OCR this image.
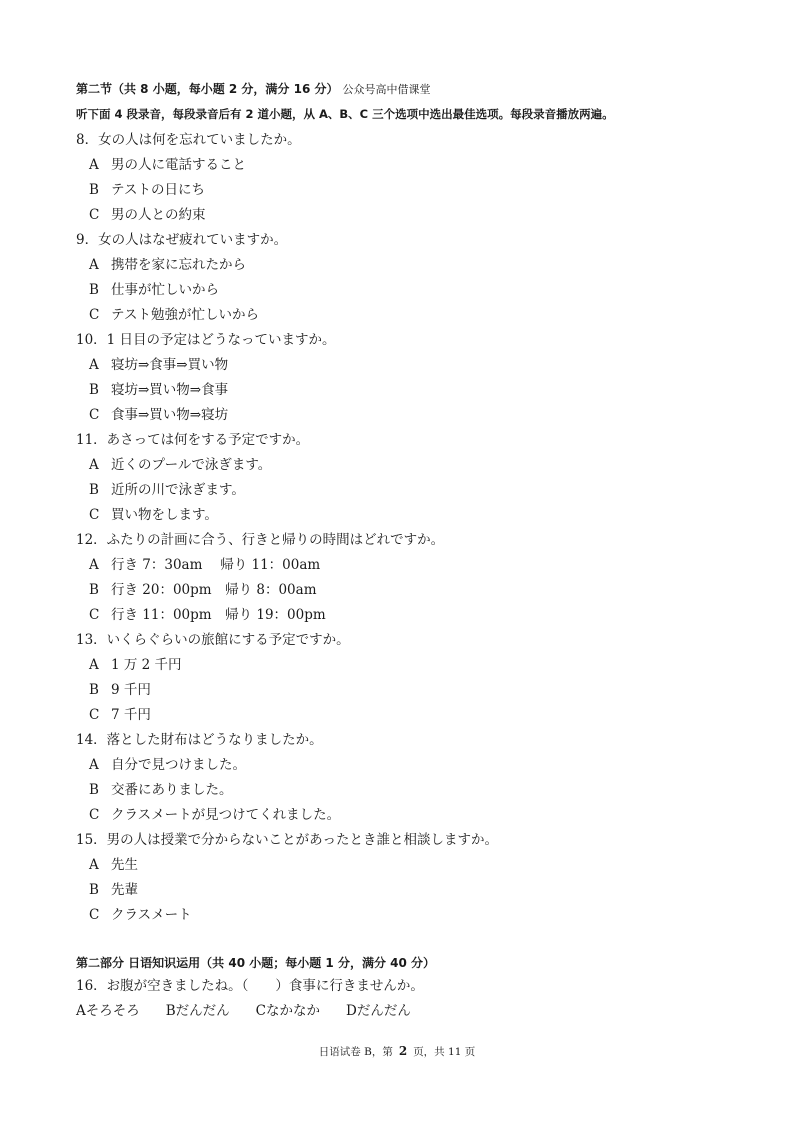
第二节（共 8 小题，每小题 2 分，满分 16 分） 公众号高中借课堂
听下面 4 段录音，每段录音后有 2 道小题，从 A、B、C 三个选项中选出最佳选项。每段录音播放两遍。
8．女の人は何を忘れていましたか。
A 男の人に電話すること
B テストの日にち
C 男の人との約束
9．女の人はなぜ疲れていますか。
A 携帯を家に忘れたから
B 仕事が忙しいから
C テスト勉強が忙しいから
10．1 日目の予定はどうなっていますか。
A 寝坊⇒食事⇒買い物
B 寝坊⇒買い物⇒食事
C 食事⇒買い物⇒寝坊
11．あさっては何をする予定ですか。
A 近くのプールで泳ぎます。
B 近所の川で泳ぎます。
C 買い物をします。
12．ふたりの計画に合う、行きと帰りの時間はどれですか。
A 行き 7：30am　 帰り 11：00am
B 行き 20：00pm　帰り 8：00am
C 行き 11：00pm　帰り 19：00pm
13．いくらぐらいの旅館にする予定ですか。
A 1 万 2 千円
B 9 千円
C 7 千円
14．落とした財布はどうなりましたか。
A 自分で見つけました。
B 交番にありました。
C クラスメートが見つけてくれました。
15．男の人は授業で分からないことがあったとき誰と相談しますか。
A 先生
B 先輩
C クラスメート
第二部分 日语知识运用（共 40 小题；每小题 1 分，满分 40 分）
16．お腹が空きましたね。（　　）食事に行きませんか。
Aそろそろ Bだんだん Cなかなか Dだんだん
日语试卷 B，第 2 页，共 11 页
